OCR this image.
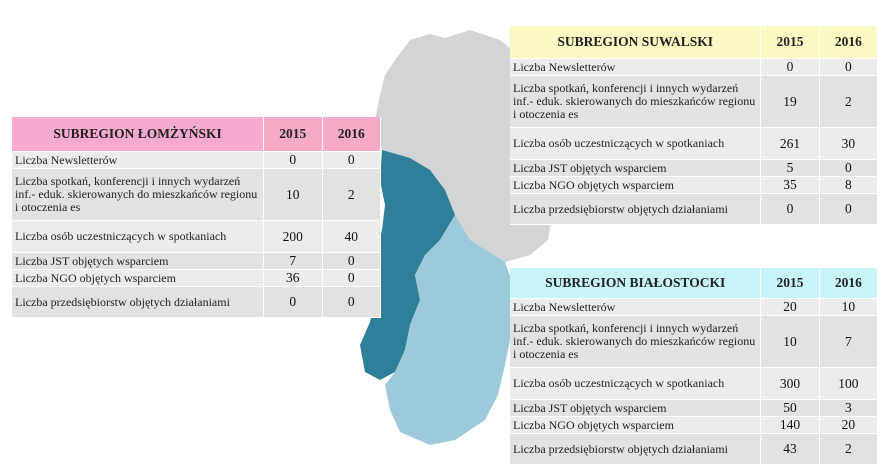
SUBREGION ŁOMŻYŃSKI	2015	2016
Liczba Newsletterów	0	0
Liczba spotkań, konferencji i innych wydarzeń inf.- eduk. skierowanych do mieszkańców regionu i otoczenia es	10	2
Liczba osób uczestniczących w spotkaniach	200	40
Liczba JST objętych wsparciem	7	0
Liczba NGO objętych wsparciem	36	0
Liczba przedsiębiorstw objętych działaniami	0	0
SUBREGION SUWALSKI	2015	2016
Liczba Newsletterów	0	0
Liczba spotkań, konferencji i innych wydarzeń inf.- eduk. skierowanych do mieszkańców regionu i otoczenia es	19	2
Liczba osób uczestniczących w spotkaniach	261	30
Liczba JST objętych wsparciem	5	0
Liczba NGO objętych wsparciem	35	8
Liczba przedsiębiorstw objętych działaniami	0	0
SUBREGION BIAŁOSTOCKI	2015	2016
Liczba Newsletterów	20	10
Liczba spotkań, konferencji i innych wydarzeń inf.- eduk. skierowanych do mieszkańców regionu i otoczenia es	10	7
Liczba osób uczestniczących w spotkaniach	300	100
Liczba JST objętych wsparciem	50	3
Liczba NGO objętych wsparciem	140	20
Liczba przedsiębiorstw objętych działaniami	43	2
